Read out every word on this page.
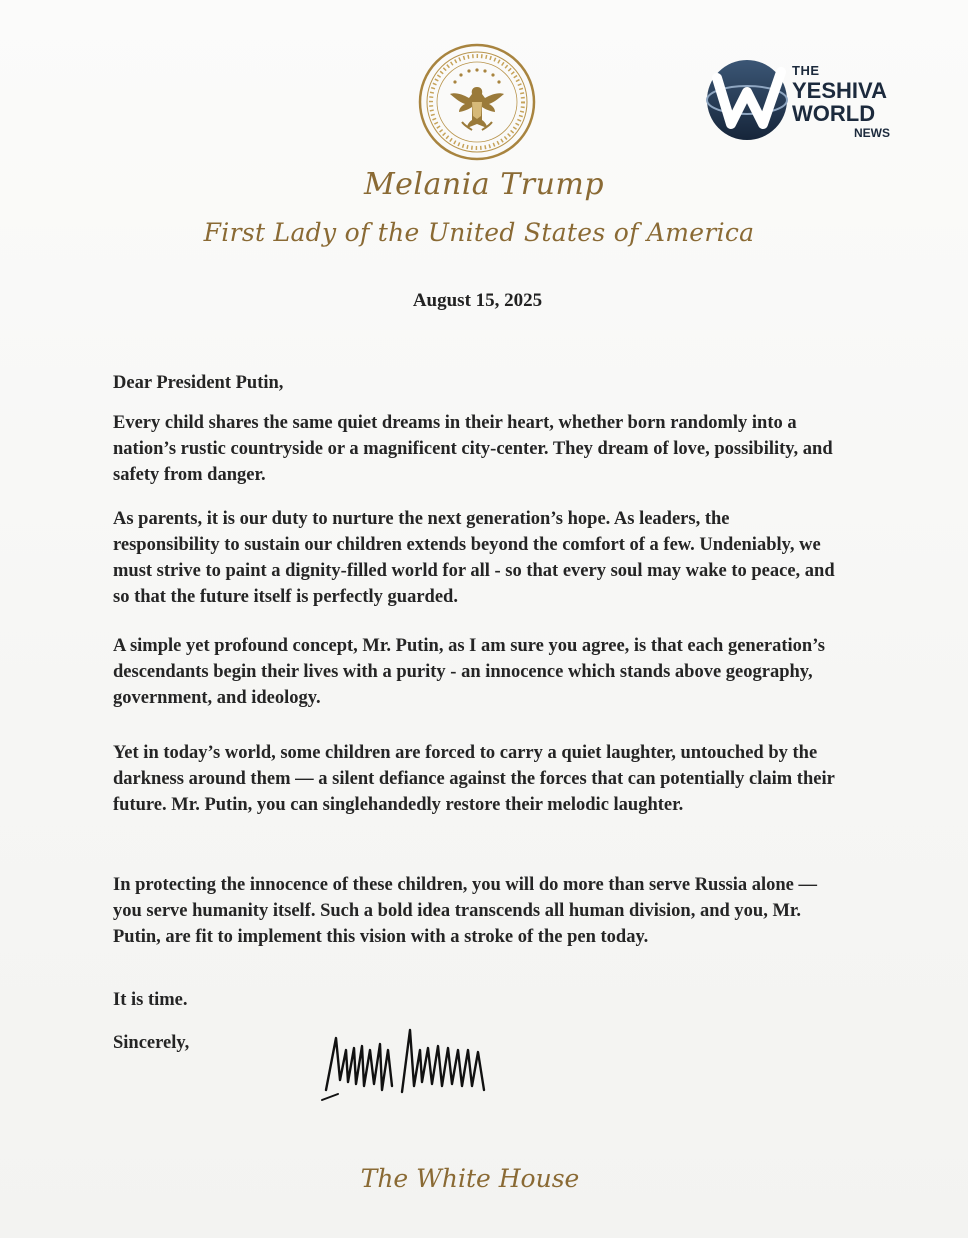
THE
YESHIVA
WORLD
NEWS
Melania Trump
First Lady of the United States of America
August 15, 2025

Dear President Putin,

Every child shares the same quiet dreams in their heart, whether born randomly into a nation’s rustic countryside or a magnificent city-center. They dream of love, possibility, and safety from danger.

As parents, it is our duty to nurture the next generation’s hope. As leaders, the responsibility to sustain our children extends beyond the comfort of a few. Undeniably, we must strive to paint a dignity-filled world for all - so that every soul may wake to peace, and so that the future itself is perfectly guarded.

A simple yet profound concept, Mr. Putin, as I am sure you agree, is that each generation’s descendants begin their lives with a purity - an innocence which stands above geography, government, and ideology.

Yet in today’s world, some children are forced to carry a quiet laughter, untouched by the darkness around them — a silent defiance against the forces that can potentially claim their future. Mr. Putin, you can singlehandedly restore their melodic laughter.

In protecting the innocence of these children, you will do more than serve Russia alone — you serve humanity itself. Such a bold idea transcends all human division, and you, Mr. Putin, are fit to implement this vision with a stroke of the pen today.

It is time.

Sincerely,

The White House
